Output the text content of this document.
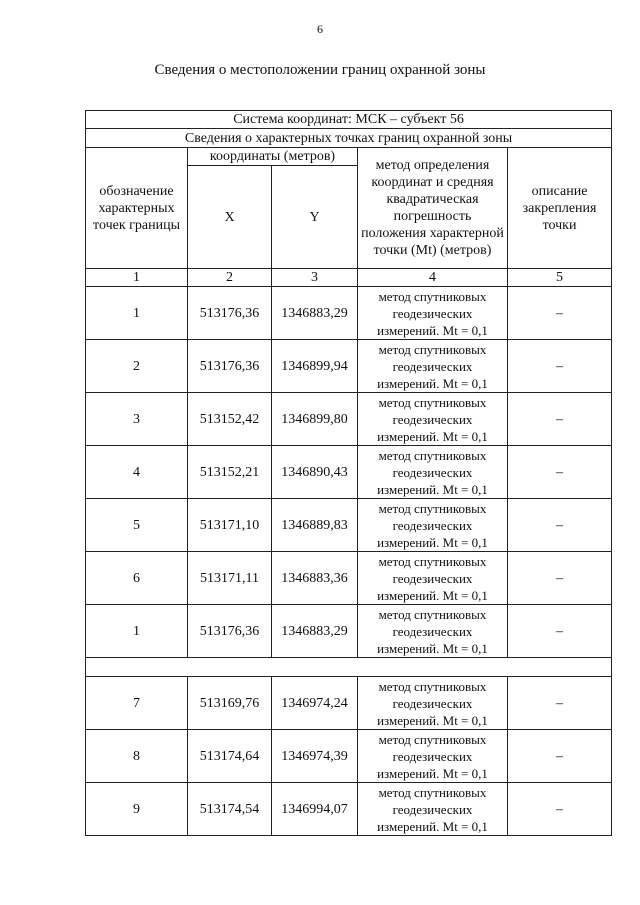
6
Сведения о местоположении границ охранной зоны
Система координат: МСК – субъект 56				
Сведения о характерных точках границ охранной зоны				
обозначение характерных точек границы	координаты (метров)		метод определения координат и средняя квадратическая погрешность положения характерной точки (Mt) (метров)	описание закрепления точки
	X	Y		
1	2	3	4	5
1	513176,36	1346883,29	метод спутниковых геодезических измерений. Mt = 0,1	–
2	513176,36	1346899,94	метод спутниковых геодезических измерений. Mt = 0,1	–
3	513152,42	1346899,80	метод спутниковых геодезических измерений. Mt = 0,1	–
4	513152,21	1346890,43	метод спутниковых геодезических измерений. Mt = 0,1	–
5	513171,10	1346889,83	метод спутниковых геодезических измерений. Mt = 0,1	–
6	513171,11	1346883,36	метод спутниковых геодезических измерений. Mt = 0,1	–
1	513176,36	1346883,29	метод спутниковых геодезических измерений. Mt = 0,1	–

7	513169,76	1346974,24	метод спутниковых геодезических измерений. Mt = 0,1	–
8	513174,64	1346974,39	метод спутниковых геодезических измерений. Mt = 0,1	–
9	513174,54	1346994,07	метод спутниковых геодезических измерений. Mt = 0,1	–
